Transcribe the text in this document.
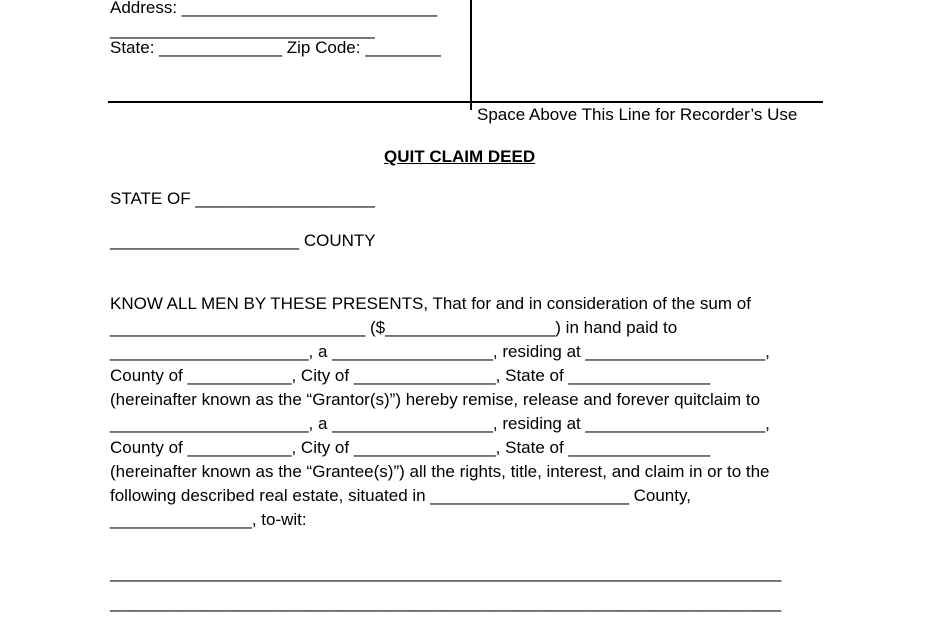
Address: ___________________________
____________________________
State: _____________ Zip Code: ________
Space Above This Line for Recorder’s Use
QUIT CLAIM DEED
STATE OF ___________________
____________________ COUNTY
KNOW ALL MEN BY THESE PRESENTS, That for and in consideration of the sum of
___________________________ ($__________________) in hand paid to
_____________________, a _________________, residing at ___________________,
County of ___________, City of _______________, State of _______________
(hereinafter known as the “Grantor(s)”) hereby remise, release and forever quitclaim to
_____________________, a _________________, residing at ___________________,
County of ___________, City of _______________, State of _______________
(hereinafter known as the “Grantee(s)”) all the rights, title, interest, and claim in or to the
following described real estate, situated in _____________________ County,
_______________, to-wit:
_______________________________________________________________________
_______________________________________________________________________
